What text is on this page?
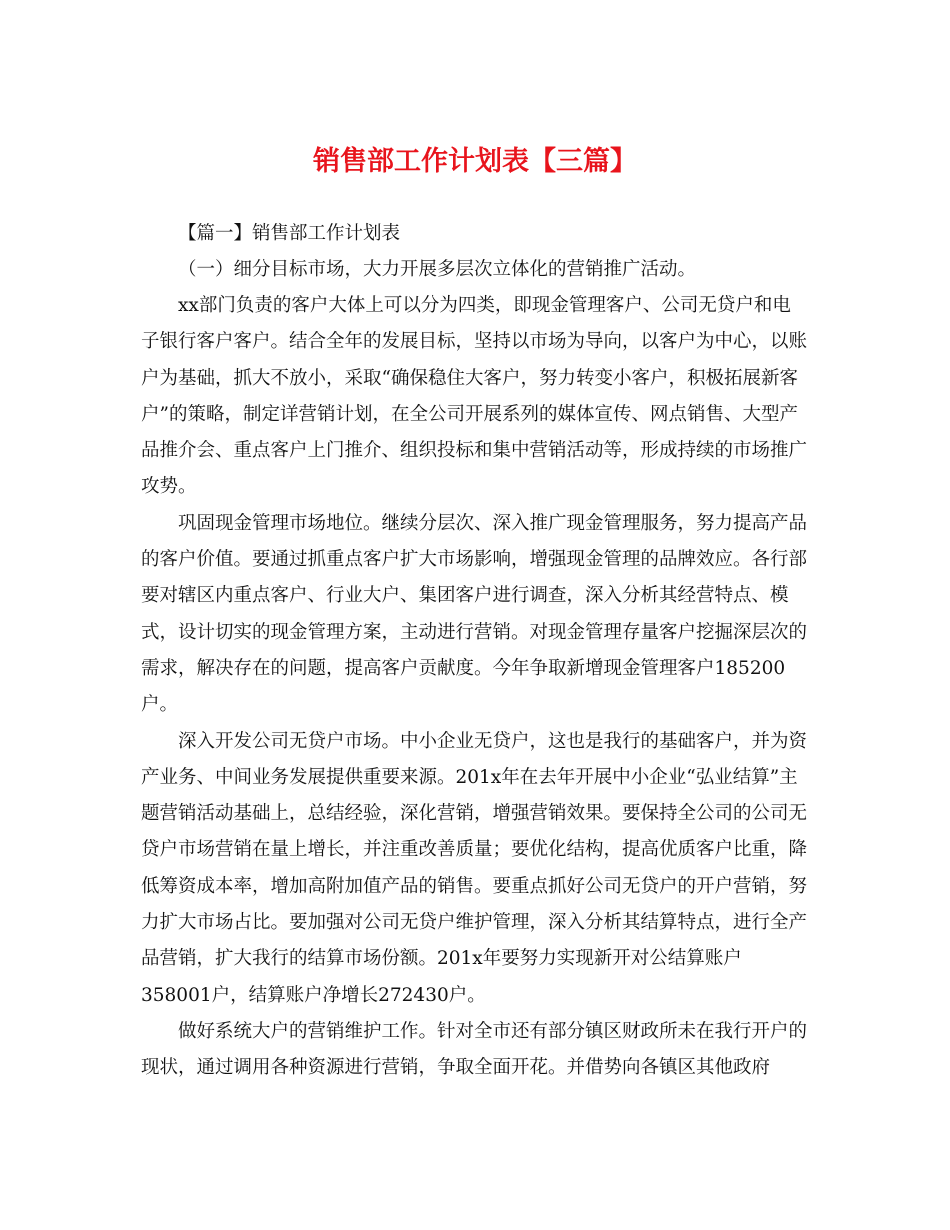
销售部工作计划表【三篇】

【篇一】销售部工作计划表

（一）细分目标市场，大力开展多层次立体化的营销推广活动。

xx部门负责的客户大体上可以分为四类，即现金管理客户、公司无贷户和电子银行客户客户。结合全年的发展目标，坚持以市场为导向，以客户为中心，以账户为基础，抓大不放小，采取“确保稳住大客户，努力转变小客户，积极拓展新客户”的策略，制定详营销计划，在全公司开展系列的媒体宣传、网点销售、大型产品推介会、重点客户上门推介、组织投标和集中营销活动等，形成持续的市场推广攻势。

巩固现金管理市场地位。继续分层次、深入推广现金管理服务，努力提高产品的客户价值。要通过抓重点客户扩大市场影响，增强现金管理的品牌效应。各行部要对辖区内重点客户、行业大户、集团客户进行调查，深入分析其经营特点、模式，设计切实的现金管理方案，主动进行营销。对现金管理存量客户挖掘深层次的需求，解决存在的问题，提高客户贡献度。今年争取新增现金管理客户185200户。

深入开发公司无贷户市场。中小企业无贷户，这也是我行的基础客户，并为资产业务、中间业务发展提供重要来源。201x年在去年开展中小企业“弘业结算”主题营销活动基础上，总结经验，深化营销，增强营销效果。要保持全公司的公司无贷户市场营销在量上增长，并注重改善质量；要优化结构，提高优质客户比重，降低筹资成本率，增加高附加值产品的销售。要重点抓好公司无贷户的开户营销，努力扩大市场占比。要加强对公司无贷户维护管理，深入分析其结算特点，进行全产品营销，扩大我行的结算市场份额。201x年要努力实现新开对公结算账户358001户，结算账户净增长272430户。

做好系统大户的营销维护工作。针对全市还有部分镇区财政所未在我行开户的现状，通过调用各种资源进行营销，争取全面开花。并借势向各镇区其他政府
